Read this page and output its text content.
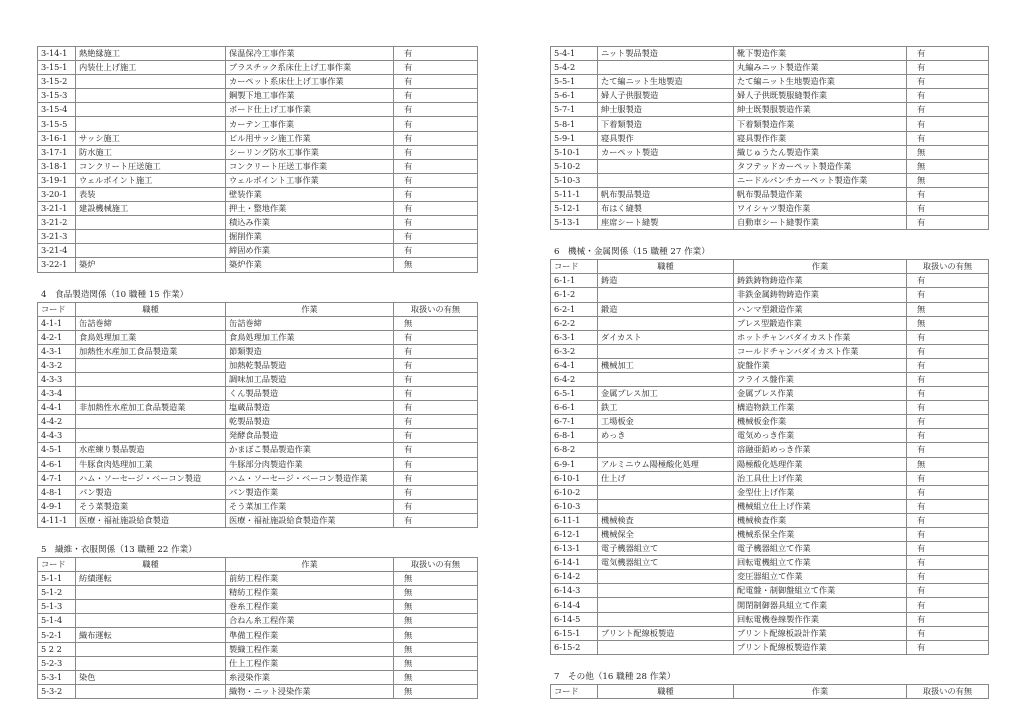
3-14-1	熱絶縁施工	保温保冷工事作業	有
3-15-1	内装仕上げ施工	プラスチック系床仕上げ工事作業	有
3-15-2		カーペット系床仕上げ工事作業	有
3-15-3		鋼製下地工事作業	有
3-15-4		ボード仕上げ工事作業	有
3-15-5		カーテン工事作業	有
3-16-1	サッシ施工	ビル用サッシ施工作業	有
3-17-1	防水施工	シーリング防水工事作業	有
3-18-1	コンクリート圧送施工	コンクリート圧送工事作業	有
3-19-1	ウェルポイント施工	ウェルポイント工事作業	有
3-20-1	表装	壁装作業	有
3-21-1	建設機械施工	押土・整地作業	有
3-21-2		積込み作業	有
3-21-3		掘削作業	有
3-21-4		締固め作業	有
3-22-1	築炉	築炉作業	無
4　食品製造関係（10 職種 15 作業）
コード	職種	作業	取扱いの有無
4-1-1	缶詰巻締	缶詰巻締	無
4-2-1	食鳥処理加工業	食鳥処理加工作業	有
4-3-1	加熱性水産加工食品製造業	節類製造	有
4-3-2		加熱乾製品製造	有
4-3-3		調味加工品製造	有
4-3-4		くん製品製造	有
4-4-1	非加熱性水産加工食品製造業	塩蔵品製造	有
4-4-2		乾製品製造	有
4-4-3		発酵食品製造	有
4-5-1	水産練り製品製造	かまぼこ製品製造作業	有
4-6-1	牛豚食肉処理加工業	牛豚部分肉製造作業	有
4-7-1	ハム・ソーセージ・ベーコン製造	ハム・ソーセージ・ベーコン製造作業	有
4-8-1	パン製造	パン製造作業	有
4-9-1	そう菜製造業	そう菜加工作業	有
4-11-1	医療・福祉施設給食製造	医療・福祉施設給食製造作業	有
5　繊維・衣服関係（13 職種 22 作業）
コード	職種	作業	取扱いの有無
5-1-1	紡績運転	前紡工程作業	無
5-1-2		精紡工程作業	無
5-1-3		巻糸工程作業	無
5-1-4		合ねん糸工程作業	無
5-2-1	織布運転	準備工程作業	無
5 2 2		製織工程作業	無
5-2-3		仕上工程作業	無
5-3-1	染色	糸浸染作業	無
5-3-2		織物・ニット浸染作業	無
5-4-1	ニット製品製造	靴下製造作業	有
5-4-2		丸編みニット製造作業	有
5-5-1	たて編ニット生地製造	たて編ニット生地製造作業	有
5-6-1	婦人子供服製造	婦人子供既製服縫製作業	有
5-7-1	紳士服製造	紳士既製服製造作業	有
5-8-1	下着類製造	下着類製造作業	有
5-9-1	寝具製作	寝具製作作業	有
5-10-1	カーペット製造	織じゅうたん製造作業	無
5-10-2		タフテッドカーペット製造作業	無
5-10-3		ニードルパンチカーペット製造作業	無
5-11-1	帆布製品製造	帆布製品製造作業	有
5-12-1	布はく縫製	ワイシャツ製造作業	有
5-13-1	座席シート縫製	自動車シート縫製作業	有
6　機械・金属関係（15 職種 27 作業）
コード	職種	作業	取扱いの有無
6-1-1	鋳造	鋳鉄鋳物鋳造作業	有
6-1-2		非鉄金属鋳物鋳造作業	有
6-2-1	鍛造	ハンマ型鍛造作業	無
6-2-2		プレス型鍛造作業	無
6-3-1	ダイカスト	ホットチャンバダイカスト作業	有
6-3-2		コールドチャンバダイカスト作業	有
6-4-1	機械加工	旋盤作業	有
6-4-2		フライス盤作業	有
6-5-1	金属プレス加工	金属プレス作業	有
6-6-1	鉄工	構造物鉄工作業	有
6-7-1	工場板金	機械板金作業	有
6-8-1	めっき	電気めっき作業	有
6-8-2		溶融亜鉛めっき作業	有
6-9-1	アルミニウム陽極酸化処理	陽極酸化処理作業	無
6-10-1	仕上げ	治工具仕上げ作業	有
6-10-2		金型仕上げ作業	有
6-10-3		機械組立仕上げ作業	有
6-11-1	機械検査	機械検査作業	有
6-12-1	機械保全	機械系保全作業	有
6-13-1	電子機器組立て	電子機器組立て作業	有
6-14-1	電気機器組立て	回転電機組立て作業	有
6-14-2		変圧器組立て作業	有
6-14-3		配電盤・制御盤組立て作業	有
6-14-4		開閉制御器具組立て作業	有
6-14-5		回転電機巻線製作作業	有
6-15-1	プリント配線板製造	プリント配線板設計作業	有
6-15-2		プリント配線板製造作業	有
7　その他（16 職種 28 作業）
コード	職種	作業	取扱いの有無
